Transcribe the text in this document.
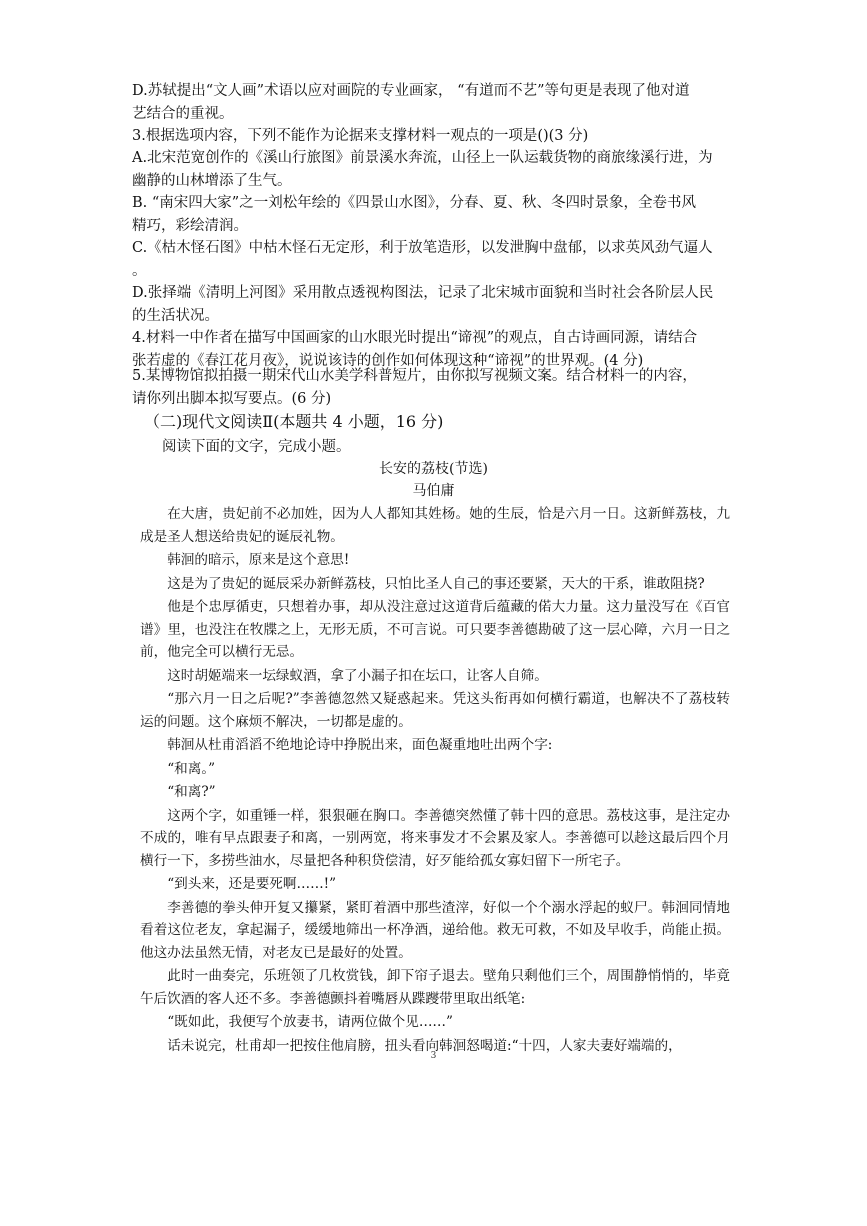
D.苏轼提出“文人画”术语以应对画院的专业画家， “有道而不艺”等句更是表现了他对道
艺结合的重视。
3.根据选项内容，下列不能作为论据来支撑材料一观点的一项是()(3 分)
A.北宋范宽创作的《溪山行旅图》前景溪水奔流，山径上一队运载货物的商旅缘溪行进，为
幽静的山林增添了生气。
B. “南宋四大家”之一刘松年绘的《四景山水图》，分春、夏、秋、冬四时景象，全卷书风
精巧，彩绘清润。
C.《枯木怪石图》中枯木怪石无定形，利于放笔造形，以发泄胸中盘郁，以求英风劲气逼人
。
D.张择端《清明上河图》采用散点透视构图法，记录了北宋城市面貌和当时社会各阶层人民
的生活状况。
4.材料一中作者在描写中国画家的山水眼光时提出“谛视”的观点，自古诗画同源，请结合
张若虚的《春江花月夜》，说说该诗的创作如何体现这种“谛视”的世界观。(4 分)
5.某博物馆拟拍摄一期宋代山水美学科普短片，由你拟写视频文案。结合材料一的内容，
请你列出脚本拟写要点。(6 分)
（二)现代文阅读Ⅱ(本题共 4 小题，16 分)
阅读下面的文字，完成小题。
长安的荔枝(节选)
马伯庸

在大唐，贵妃前不必加姓，因为人人都知其姓杨。她的生辰，恰是六月一日。这新鲜荔枝，九成是圣人想送给贵妃的诞辰礼物。

韩洄的暗示，原来是这个意思!

这是为了贵妃的诞辰采办新鲜荔枝，只怕比圣人自己的事还要紧，天大的干系，谁敢阻挠?

他是个忠厚循吏，只想着办事，却从没注意过这道背后蕴藏的偌大力量。这力量没写在《百官谱》里，也没注在牧牒之上，无形无质，不可言说。可只要李善德勘破了这一层心障，六月一日之前，他完全可以横行无忌。

这时胡姬端来一坛绿蚁酒，拿了小漏子扣在坛口，让客人自筛。

“那六月一日之后呢?”李善德忽然又疑惑起来。凭这头衔再如何横行霸道，也解决不了荔枝转运的问题。这个麻烦不解决，一切都是虚的。

韩洄从杜甫滔滔不绝地论诗中挣脱出来，面色凝重地吐出两个字:

“和离。”

“和离?”

这两个字，如重锤一样，狠狠砸在胸口。李善德突然懂了韩十四的意思。荔枝这事，是注定办不成的，唯有早点跟妻子和离，一别两宽，将来事发才不会累及家人。李善德可以趁这最后四个月横行一下，多捞些油水，尽量把各种积贷偿清，好歹能给孤女寡妇留下一所宅子。

“到头来，还是要死啊……!”

李善德的拳头伸开复又攥紧，紧盯着酒中那些渣滓，好似一个个溺水浮起的蚁尸。韩洄同情地看着这位老友，拿起漏子，缓缓地筛出一杯净酒，递给他。救无可救，不如及早收手，尚能止损。他这办法虽然无情，对老友已是最好的处置。

此时一曲奏完，乐班领了几枚赏钱，卸下帘子退去。壁角只剩他们三个，周围静悄悄的，毕竟午后饮酒的客人还不多。李善德颤抖着嘴唇从蹀躞带里取出纸笔:

“既如此，我便写个放妻书，请两位做个见……”

话未说完，杜甫却一把按住他肩膀，扭头看向韩洄怒喝道:“十四，人家夫妻好端端的，

3
